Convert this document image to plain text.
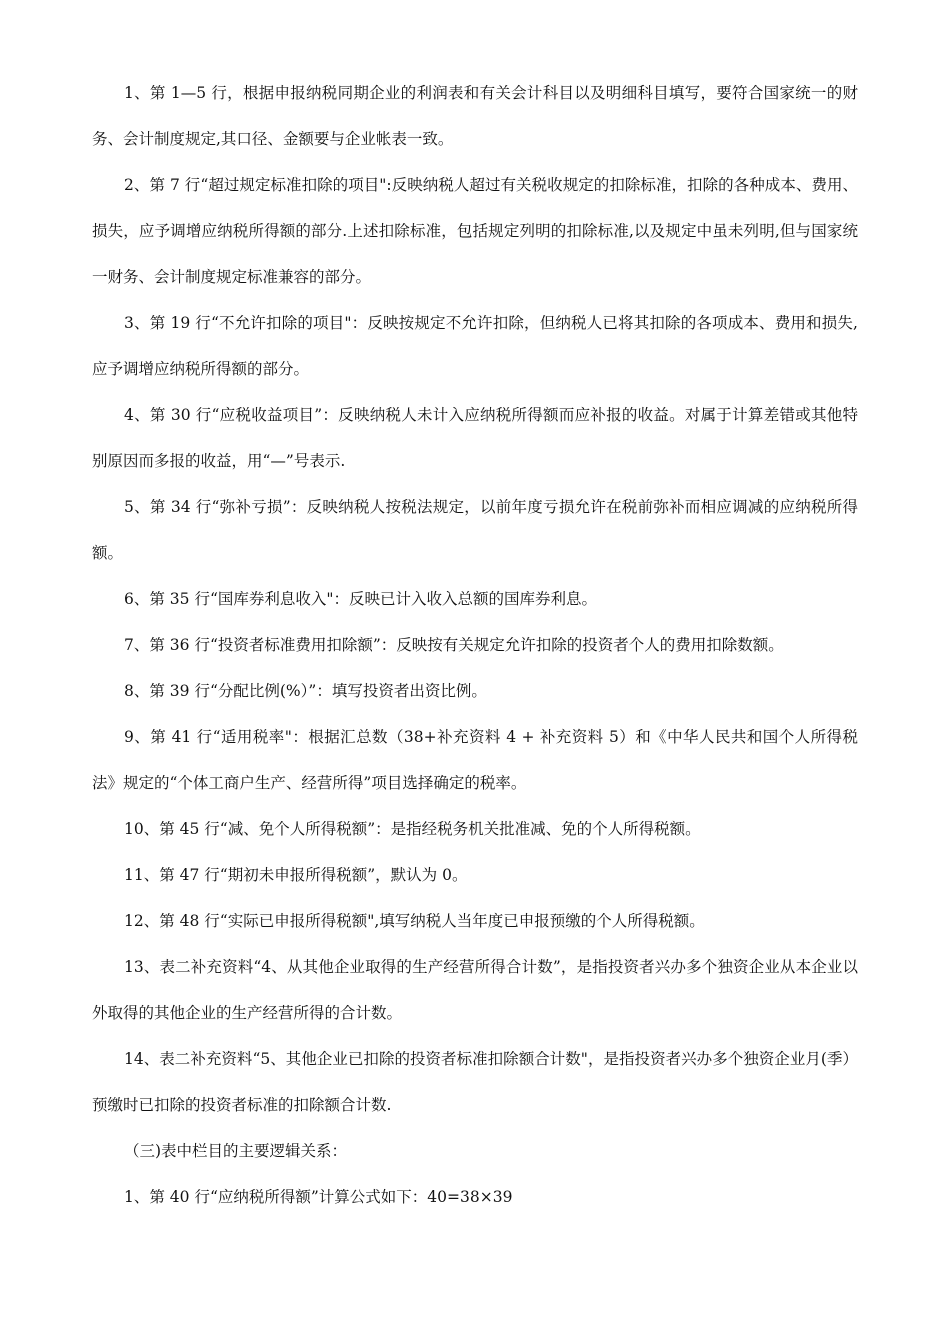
1、第 1—5 行，根据申报纳税同期企业的利润表和有关会计科目以及明细科目填写，要符合国家统一的财务、会计制度规定,其口径、金额要与企业帐表一致。

2、第 7 行“超过规定标准扣除的项目":反映纳税人超过有关税收规定的扣除标准，扣除的各种成本、费用、损失，应予调增应纳税所得额的部分.上述扣除标准，包括规定列明的扣除标准,以及规定中虽未列明,但与国家统一财务、会计制度规定标准兼容的部分。

3、第 19 行“不允许扣除的项目"：反映按规定不允许扣除，但纳税人已将其扣除的各项成本、费用和损失,应予调增应纳税所得额的部分。

4、第 30 行“应税收益项目”：反映纳税人未计入应纳税所得额而应补报的收益。对属于计算差错或其他特别原因而多报的收益，用“—”号表示.

5、第 34 行“弥补亏损”：反映纳税人按税法规定，以前年度亏损允许在税前弥补而相应调减的应纳税所得额。

6、第 35 行“国库券利息收入"：反映已计入收入总额的国库券利息。

7、第 36 行“投资者标准费用扣除额”：反映按有关规定允许扣除的投资者个人的费用扣除数额。

8、第 39 行“分配比例(%）”：填写投资者出资比例。

9、第 41 行“适用税率"：根据汇总数（38+补充资料 4 + 补充资料 5）和《中华人民共和国个人所得税法》规定的“个体工商户生产、经营所得”项目选择确定的税率。

10、第 45 行“减、免个人所得税额”：是指经税务机关批准减、免的个人所得税额。

11、第 47 行“期初未申报所得税额”，默认为 0。

12、第 48 行“实际已申报所得税额",填写纳税人当年度已申报预缴的个人所得税额。

13、表二补充资料“4、从其他企业取得的生产经营所得合计数”，是指投资者兴办多个独资企业从本企业以外取得的其他企业的生产经营所得的合计数。

14、表二补充资料“5、其他企业已扣除的投资者标准扣除额合计数"，是指投资者兴办多个独资企业月(季）预缴时已扣除的投资者标准的扣除额合计数.

（三)表中栏目的主要逻辑关系：

1、第 40 行“应纳税所得额”计算公式如下：40=38×39
